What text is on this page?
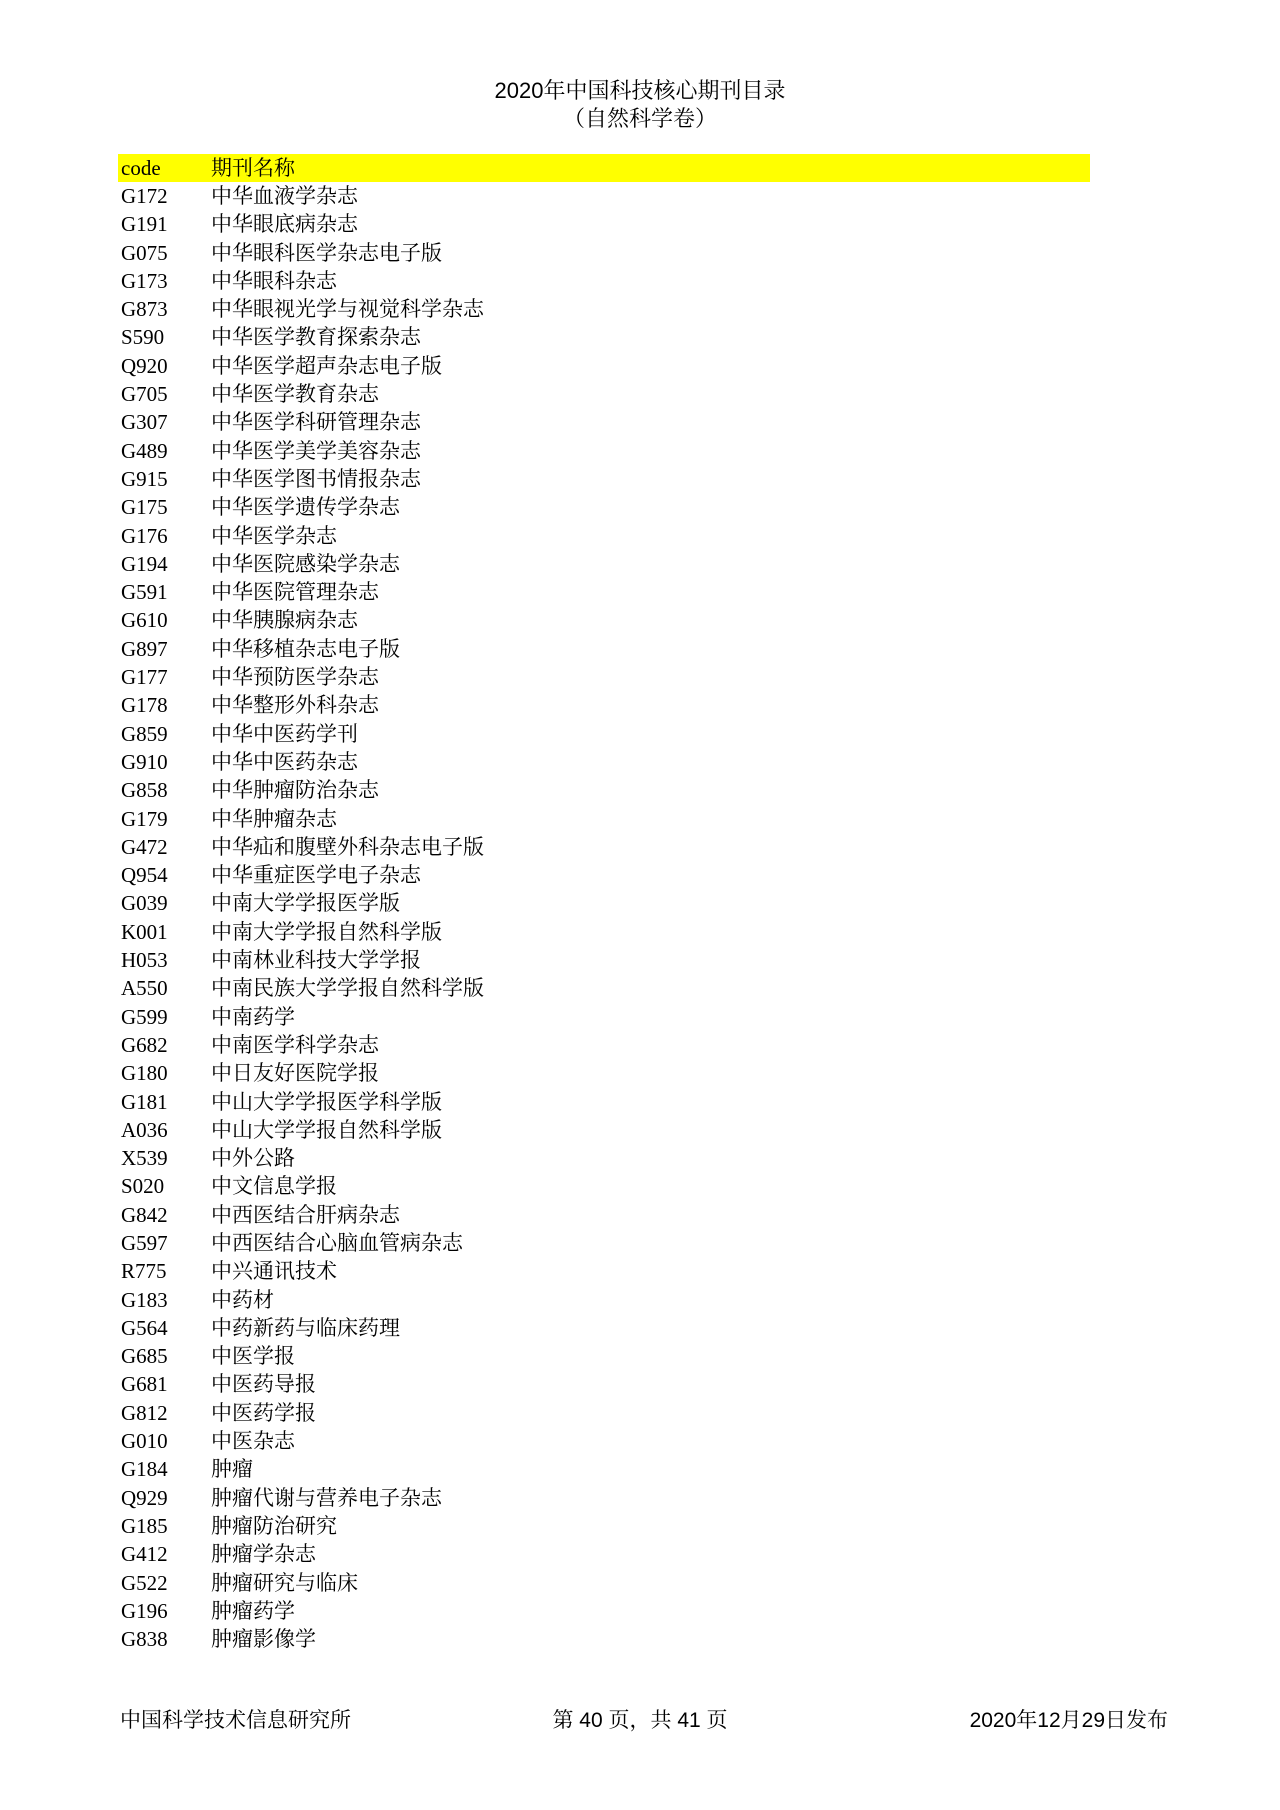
2020年中国科技核心期刊目录
（自然科学卷）
code 期刊名称
G172 中华血液学杂志
G191 中华眼底病杂志
G075 中华眼科医学杂志电子版
G173 中华眼科杂志
G873 中华眼视光学与视觉科学杂志
S590 中华医学教育探索杂志
Q920 中华医学超声杂志电子版
G705 中华医学教育杂志
G307 中华医学科研管理杂志
G489 中华医学美学美容杂志
G915 中华医学图书情报杂志
G175 中华医学遗传学杂志
G176 中华医学杂志
G194 中华医院感染学杂志
G591 中华医院管理杂志
G610 中华胰腺病杂志
G897 中华移植杂志电子版
G177 中华预防医学杂志
G178 中华整形外科杂志
G859 中华中医药学刊
G910 中华中医药杂志
G858 中华肿瘤防治杂志
G179 中华肿瘤杂志
G472 中华疝和腹壁外科杂志电子版
Q954 中华重症医学电子杂志
G039 中南大学学报医学版
K001 中南大学学报自然科学版
H053 中南林业科技大学学报
A550 中南民族大学学报自然科学版
G599 中南药学
G682 中南医学科学杂志
G180 中日友好医院学报
G181 中山大学学报医学科学版
A036 中山大学学报自然科学版
X539 中外公路
S020 中文信息学报
G842 中西医结合肝病杂志
G597 中西医结合心脑血管病杂志
R775 中兴通讯技术
G183 中药材
G564 中药新药与临床药理
G685 中医学报
G681 中医药导报
G812 中医药学报
G010 中医杂志
G184 肿瘤
Q929 肿瘤代谢与营养电子杂志
G185 肿瘤防治研究
G412 肿瘤学杂志
G522 肿瘤研究与临床
G196 肿瘤药学
G838 肿瘤影像学
中国科学技术信息研究所	第 40 页，共 41 页	2020年12月29日发布
